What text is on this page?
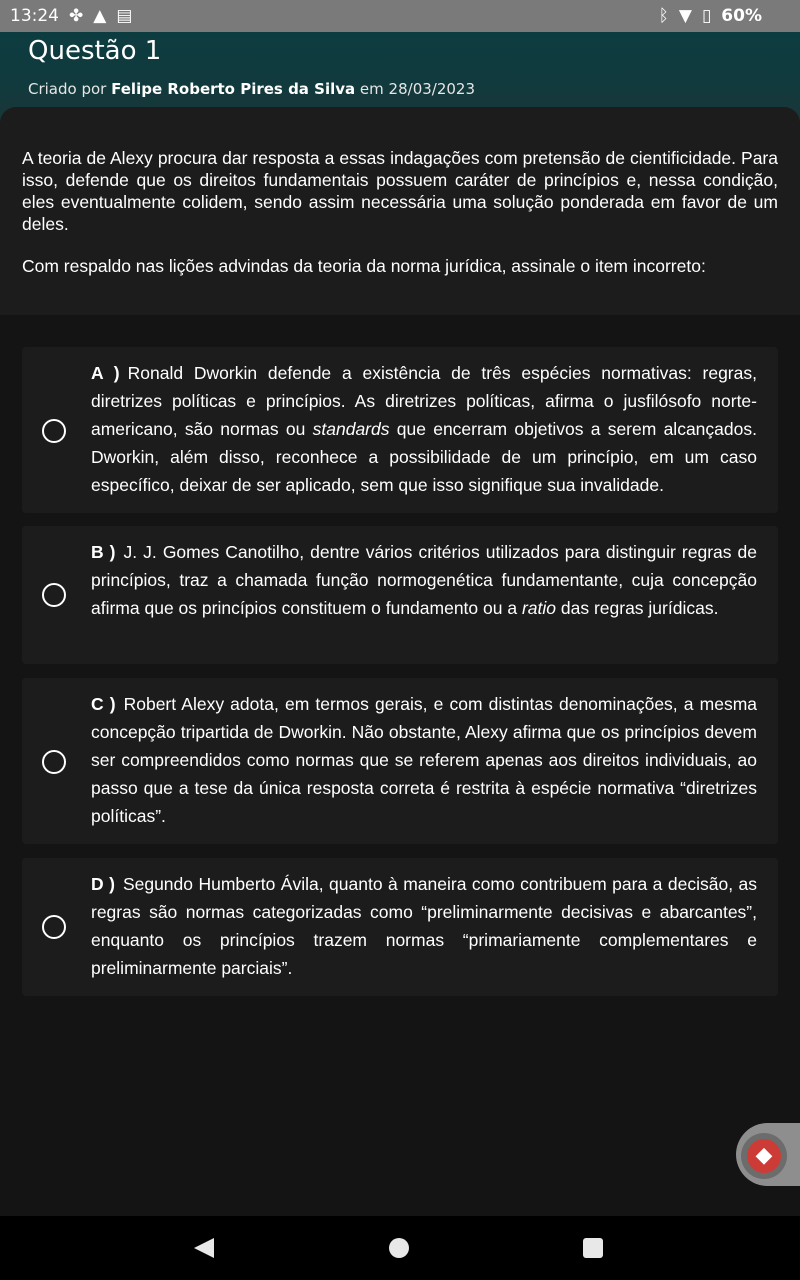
13:24 ✤ ▲ ▤	ᛒ ▼ ▯ 60%
Questão 1
Criado por Felipe Roberto Pires da Silva em 28/03/2023

A teoria de Alexy procura dar resposta a essas indagações com pretensão de cientificidade. Para isso, defende que os direitos fundamentais possuem caráter de princípios e, nessa condição, eles eventualmente colidem, sendo assim necessária uma solução ponderada em favor de um deles.

Com respaldo nas lições advindas da teoria da norma jurídica, assinale o item incorreto:

A ) Ronald Dworkin defende a existência de três espécies normativas: regras, diretrizes políticas e princípios. As diretrizes políticas, afirma o jusfilósofo norte-americano, são normas ou standards que encerram objetivos a serem alcançados. Dworkin, além disso, reconhece a possibilidade de um princípio, em um caso específico, deixar de ser aplicado, sem que isso signifique sua invalidade.
B ) J. J. Gomes Canotilho, dentre vários critérios utilizados para distinguir regras de princípios, traz a chamada função normogenética fundamentante, cuja concepção afirma que os princípios constituem o fundamento ou a ratio das regras jurídicas.
C ) Robert Alexy adota, em termos gerais, e com distintas denominações, a mesma concepção tripartida de Dworkin. Não obstante, Alexy afirma que os princípios devem ser compreendidos como normas que se referem apenas aos direitos individuais, ao passo que a tese da única resposta correta é restrita à espécie normativa “diretrizes políticas”.
D ) Segundo Humberto Ávila, quanto à maneira como contribuem para a decisão, as regras são normas categorizadas como “preliminarmente decisivas e abarcantes”, enquanto os princípios trazem normas “primariamente complementares e preliminarmente parciais”.
◆
